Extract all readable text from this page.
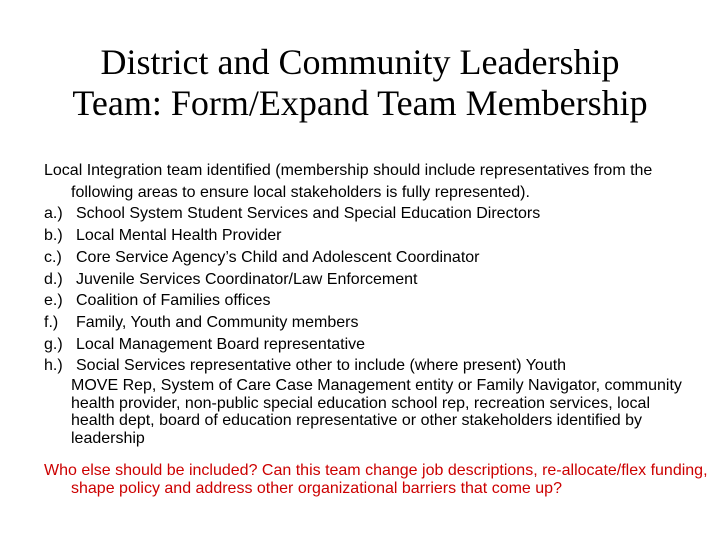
District and Community Leadership
Team: Form/Expand Team Membership

Local Integration team identified (membership should include representatives from the following areas to ensure local stakeholders is fully represented).

a.) School System Student Services and Special Education Directors
b.) Local Mental Health Provider
c.) Core Service Agency’s Child and Adolescent Coordinator
d.) Juvenile Services Coordinator/Law Enforcement
e.) Coalition of Families offices
f.)	Family, Youth and Community members
g.) Local Management Board representative
h.) Social Services representative other to include (where present) Youth
MOVE Rep, System of Care Case Management entity or Family Navigator, community health provider, non-public special education school rep, recreation services, local health dept, board of education representative or other stakeholders identified by leadership

Who else should be included? Can this team change job descriptions, re-allocate/flex funding, shape policy and address other organizational barriers that come up?
